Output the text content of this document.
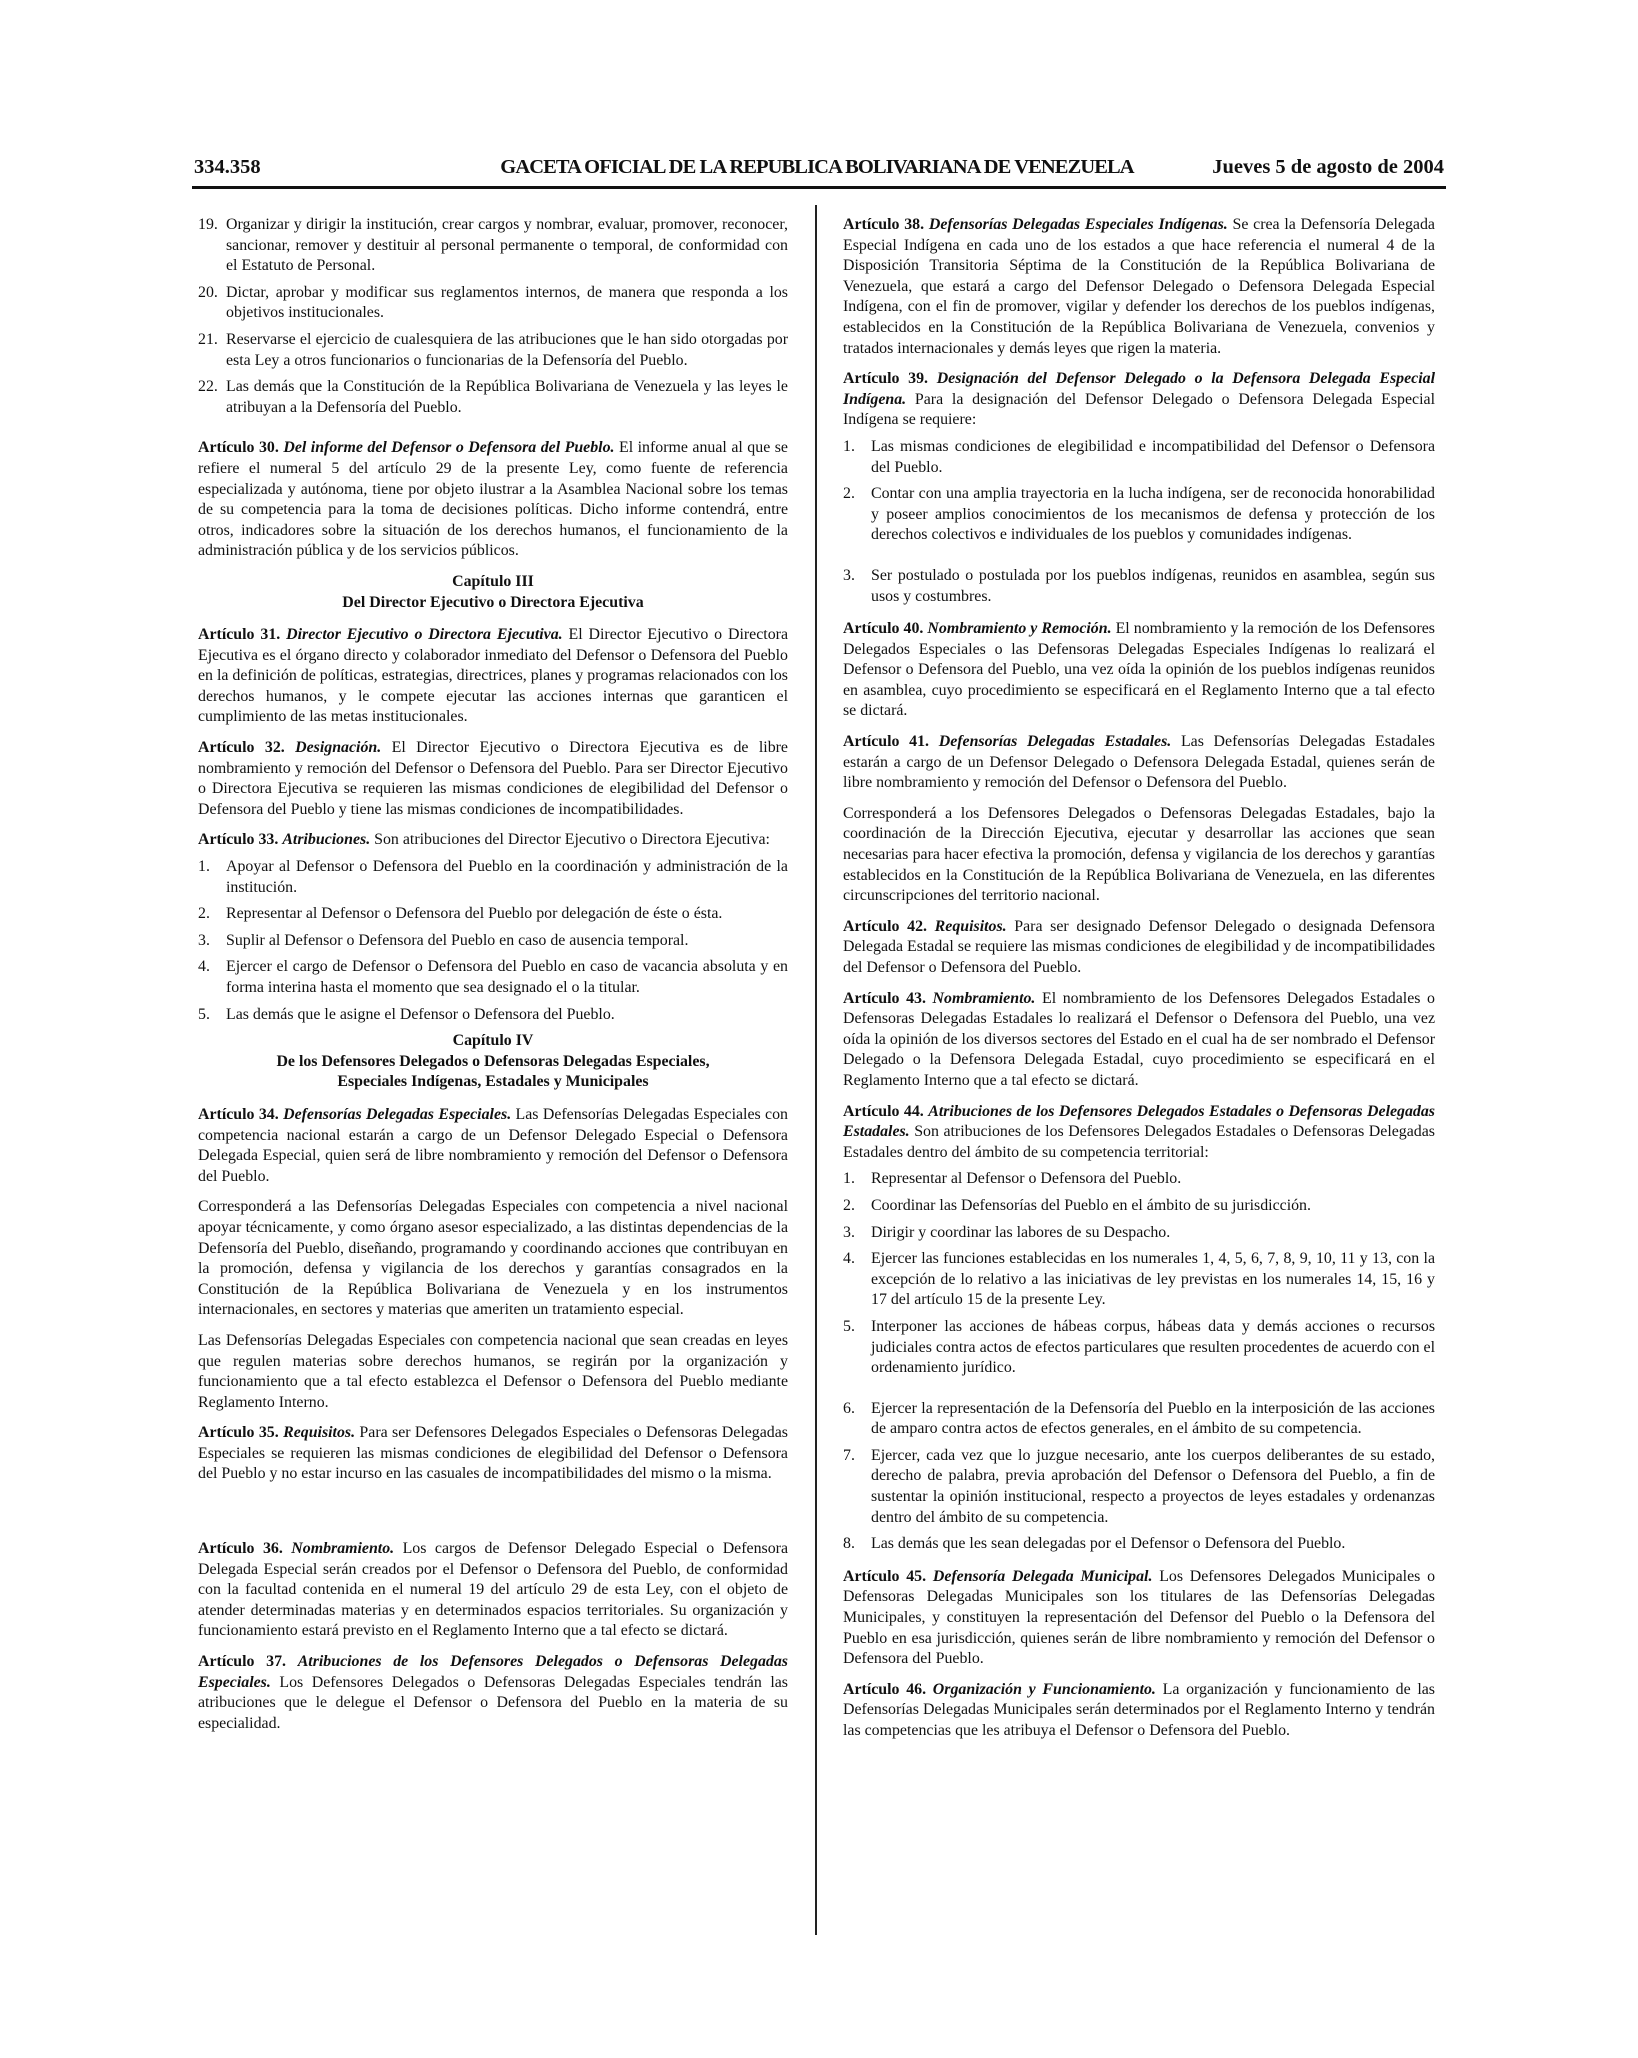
334.358	GACETA OFICIAL DE LA REPUBLICA BOLIVARIANA DE VENEZUELA	Jueves 5 de agosto de 2004
19. Organizar y dirigir la institución, crear cargos y nombrar, evaluar, promover, reconocer, sancionar, remover y destituir al personal permanente o temporal, de conformidad con el Estatuto de Personal.
20. Dictar, aprobar y modificar sus reglamentos internos, de manera que responda a los objetivos institucionales.
21. Reservarse el ejercicio de cualesquiera de las atribuciones que le han sido otorgadas por esta Ley a otros funcionarios o funcionarias de la Defensoría del Pueblo.
22. Las demás que la Constitución de la República Bolivariana de Venezuela y las leyes le atribuyan a la Defensoría del Pueblo.

Artículo 30. Del informe del Defensor o Defensora del Pueblo. El informe anual al que se refiere el numeral 5 del artículo 29 de la presente Ley, como fuente de referencia especializada y autónoma, tiene por objeto ilustrar a la Asamblea Nacional sobre los temas de su competencia para la toma de decisiones políticas. Dicho informe contendrá, entre otros, indicadores sobre la situación de los derechos humanos, el funcionamiento de la administración pública y de los servicios públicos.

Capítulo III
Del Director Ejecutivo o Directora Ejecutiva

Artículo 31. Director Ejecutivo o Directora Ejecutiva. El Director Ejecutivo o Directora Ejecutiva es el órgano directo y colaborador inmediato del Defensor o Defensora del Pueblo en la definición de políticas, estrategias, directrices, planes y programas relacionados con los derechos humanos, y le compete ejecutar las acciones internas que garanticen el cumplimiento de las metas institucionales.

Artículo 32. Designación. El Director Ejecutivo o Directora Ejecutiva es de libre nombramiento y remoción del Defensor o Defensora del Pueblo. Para ser Director Ejecutivo o Directora Ejecutiva se requieren las mismas condiciones de elegibilidad del Defensor o Defensora del Pueblo y tiene las mismas condiciones de incompatibilidades.

Artículo 33. Atribuciones. Son atribuciones del Director Ejecutivo o Directora Ejecutiva:

1. Apoyar al Defensor o Defensora del Pueblo en la coordinación y administración de la institución.
2. Representar al Defensor o Defensora del Pueblo por delegación de éste o ésta.
3. Suplir al Defensor o Defensora del Pueblo en caso de ausencia temporal.
4. Ejercer el cargo de Defensor o Defensora del Pueblo en caso de vacancia absoluta y en forma interina hasta el momento que sea designado el o la titular.
5. Las demás que le asigne el Defensor o Defensora del Pueblo.
Capítulo IV
De los Defensores Delegados o Defensoras Delegadas Especiales,
Especiales Indígenas, Estadales y Municipales

Artículo 34. Defensorías Delegadas Especiales. Las Defensorías Delegadas Especiales con competencia nacional estarán a cargo de un Defensor Delegado Especial o Defensora Delegada Especial, quien será de libre nombramiento y remoción del Defensor o Defensora del Pueblo.

Corresponderá a las Defensorías Delegadas Especiales con competencia a nivel nacional apoyar técnicamente, y como órgano asesor especializado, a las distintas dependencias de la Defensoría del Pueblo, diseñando, programando y coordinando acciones que contribuyan en la promoción, defensa y vigilancia de los derechos y garantías consagrados en la Constitución de la República Bolivariana de Venezuela y en los instrumentos internacionales, en sectores y materias que ameriten un tratamiento especial.

Las Defensorías Delegadas Especiales con competencia nacional que sean creadas en leyes que regulen materias sobre derechos humanos, se regirán por la organización y funcionamiento que a tal efecto establezca el Defensor o Defensora del Pueblo mediante Reglamento Interno.

Artículo 35. Requisitos. Para ser Defensores Delegados Especiales o Defensoras Delegadas Especiales se requieren las mismas condiciones de elegibilidad del Defensor o Defensora del Pueblo y no estar incurso en las casuales de incompatibilidades del mismo o la misma.

Artículo 36. Nombramiento. Los cargos de Defensor Delegado Especial o Defensora Delegada Especial serán creados por el Defensor o Defensora del Pueblo, de conformidad con la facultad contenida en el numeral 19 del artículo 29 de esta Ley, con el objeto de atender determinadas materias y en determinados espacios territoriales. Su organización y funcionamiento estará previsto en el Reglamento Interno que a tal efecto se dictará.

Artículo 37. Atribuciones de los Defensores Delegados o Defensoras Delegadas Especiales. Los Defensores Delegados o Defensoras Delegadas Especiales tendrán las atribuciones que le delegue el Defensor o Defensora del Pueblo en la materia de su especialidad.

Artículo 38. Defensorías Delegadas Especiales Indígenas. Se crea la Defensoría Delegada Especial Indígena en cada uno de los estados a que hace referencia el numeral 4 de la Disposición Transitoria Séptima de la Constitución de la República Bolivariana de Venezuela, que estará a cargo del Defensor Delegado o Defensora Delegada Especial Indígena, con el fin de promover, vigilar y defender los derechos de los pueblos indígenas, establecidos en la Constitución de la República Bolivariana de Venezuela, convenios y tratados internacionales y demás leyes que rigen la materia.

Artículo 39. Designación del Defensor Delegado o la Defensora Delegada Especial Indígena. Para la designación del Defensor Delegado o Defensora Delegada Especial Indígena se requiere:

1. Las mismas condiciones de elegibilidad e incompatibilidad del Defensor o Defensora del Pueblo.
2. Contar con una amplia trayectoria en la lucha indígena, ser de reconocida honorabilidad y poseer amplios conocimientos de los mecanismos de defensa y protección de los derechos colectivos e individuales de los pueblos y comunidades indígenas.
3. Ser postulado o postulada por los pueblos indígenas, reunidos en asamblea, según sus usos y costumbres.

Artículo 40. Nombramiento y Remoción. El nombramiento y la remoción de los Defensores Delegados Especiales o las Defensoras Delegadas Especiales Indígenas lo realizará el Defensor o Defensora del Pueblo, una vez oída la opinión de los pueblos indígenas reunidos en asamblea, cuyo procedimiento se especificará en el Reglamento Interno que a tal efecto se dictará.

Artículo 41. Defensorías Delegadas Estadales. Las Defensorías Delegadas Estadales estarán a cargo de un Defensor Delegado o Defensora Delegada Estadal, quienes serán de libre nombramiento y remoción del Defensor o Defensora del Pueblo.

Corresponderá a los Defensores Delegados o Defensoras Delegadas Estadales, bajo la coordinación de la Dirección Ejecutiva, ejecutar y desarrollar las acciones que sean necesarias para hacer efectiva la promoción, defensa y vigilancia de los derechos y garantías establecidos en la Constitución de la República Bolivariana de Venezuela, en las diferentes circunscripciones del territorio nacional.

Artículo 42. Requisitos. Para ser designado Defensor Delegado o designada Defensora Delegada Estadal se requiere las mismas condiciones de elegibilidad y de incompatibilidades del Defensor o Defensora del Pueblo.

Artículo 43. Nombramiento. El nombramiento de los Defensores Delegados Estadales o Defensoras Delegadas Estadales lo realizará el Defensor o Defensora del Pueblo, una vez oída la opinión de los diversos sectores del Estado en el cual ha de ser nombrado el Defensor Delegado o la Defensora Delegada Estadal, cuyo procedimiento se especificará en el Reglamento Interno que a tal efecto se dictará.

Artículo 44. Atribuciones de los Defensores Delegados Estadales o Defensoras Delegadas Estadales. Son atribuciones de los Defensores Delegados Estadales o Defensoras Delegadas Estadales dentro del ámbito de su competencia territorial:

1. Representar al Defensor o Defensora del Pueblo.
2. Coordinar las Defensorías del Pueblo en el ámbito de su jurisdicción.
3. Dirigir y coordinar las labores de su Despacho.
4. Ejercer las funciones establecidas en los numerales 1, 4, 5, 6, 7, 8, 9, 10, 11 y 13, con la excepción de lo relativo a las iniciativas de ley previstas en los numerales 14, 15, 16 y 17 del artículo 15 de la presente Ley.
5. Interponer las acciones de hábeas corpus, hábeas data y demás acciones o recursos judiciales contra actos de efectos particulares que resulten procedentes de acuerdo con el ordenamiento jurídico.
6. Ejercer la representación de la Defensoría del Pueblo en la interposición de las acciones de amparo contra actos de efectos generales, en el ámbito de su competencia.
7. Ejercer, cada vez que lo juzgue necesario, ante los cuerpos deliberantes de su estado, derecho de palabra, previa aprobación del Defensor o Defensora del Pueblo, a fin de sustentar la opinión institucional, respecto a proyectos de leyes estadales y ordenanzas dentro del ámbito de su competencia.
8. Las demás que les sean delegadas por el Defensor o Defensora del Pueblo.

Artículo 45. Defensoría Delegada Municipal. Los Defensores Delegados Municipales o Defensoras Delegadas Municipales son los titulares de las Defensorías Delegadas Municipales, y constituyen la representación del Defensor del Pueblo o la Defensora del Pueblo en esa jurisdicción, quienes serán de libre nombramiento y remoción del Defensor o Defensora del Pueblo.

Artículo 46. Organización y Funcionamiento. La organización y funcionamiento de las Defensorías Delegadas Municipales serán determinados por el Reglamento Interno y tendrán las competencias que les atribuya el Defensor o Defensora del Pueblo.
